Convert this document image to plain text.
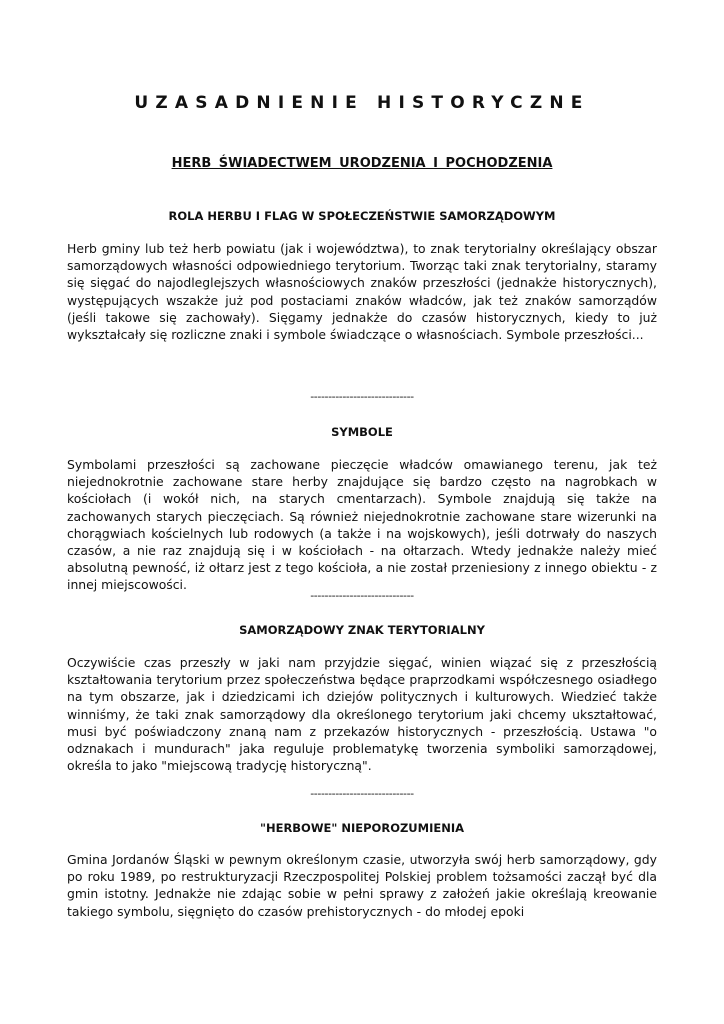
UZASADNIENIE HISTORYCZNE
HERB ŚWIADECTWEM URODZENIA I POCHODZENIA
ROLA HERBU I FLAG W SPOŁECZEŃSTWIE SAMORZĄDOWYM

Herb gminy lub też herb powiatu (jak i województwa), to znak terytorialny określający obszar samorządowych własności odpowiedniego terytorium. Tworząc taki znak terytorialny, staramy się sięgać do najodleglejszych własnościowych znaków przeszłości (jednakże historycznych), występujących wszakże już pod postaciami znaków władców, jak też znaków samorządów (jeśli takowe się zachowały). Sięgamy jednakże do czasów historycznych, kiedy to już wykształcały się rozliczne znaki i symbole świadczące o własnościach. Symbole przeszłości...

-----------------------------
SYMBOLE

Symbolami przeszłości są zachowane pieczęcie władców omawianego terenu, jak też niejednokrotnie zachowane stare herby znajdujące się bardzo często na nagrobkach w kościołach (i wokół nich, na starych cmentarzach). Symbole znajdują się także na zachowanych starych pieczęciach. Są również niejednokrotnie zachowane stare wizerunki na chorągwiach kościelnych lub rodowych (a także i na wojskowych), jeśli dotrwały do naszych czasów, a nie raz znajdują się i w kościołach - na ołtarzach. Wtedy jednakże należy mieć absolutną pewność, iż ołtarz jest z tego kościoła, a nie został przeniesiony z innego obiektu - z innej miejscowości.

-----------------------------
SAMORZĄDOWY ZNAK TERYTORIALNY

Oczywiście czas przeszły w jaki nam przyjdzie sięgać, winien wiązać się z przeszłością kształtowania terytorium przez społeczeństwa będące praprzodkami współczesnego osiadłego na tym obszarze, jak i dziedzicami ich dziejów politycznych i kulturowych. Wiedzieć także winniśmy, że taki znak samorządowy dla określonego terytorium jaki chcemy ukształtować, musi być poświadczony znaną nam z przekazów historycznych - przeszłością. Ustawa "o odznakach i mundurach" jaka reguluje problematykę tworzenia symboliki samorządowej, określa to jako "miejscową tradycję historyczną".

-----------------------------
"HERBOWE" NIEPOROZUMIENIA

Gmina Jordanów Śląski w pewnym określonym czasie, utworzyła swój herb samorządowy, gdy po roku 1989, po restrukturyzacji Rzeczpospolitej Polskiej problem tożsamości zaczął być dla gmin istotny. Jednakże nie zdając sobie w pełni sprawy z założeń jakie określają kreowanie takiego symbolu, sięgnięto do czasów prehistorycznych - do młodej epoki
